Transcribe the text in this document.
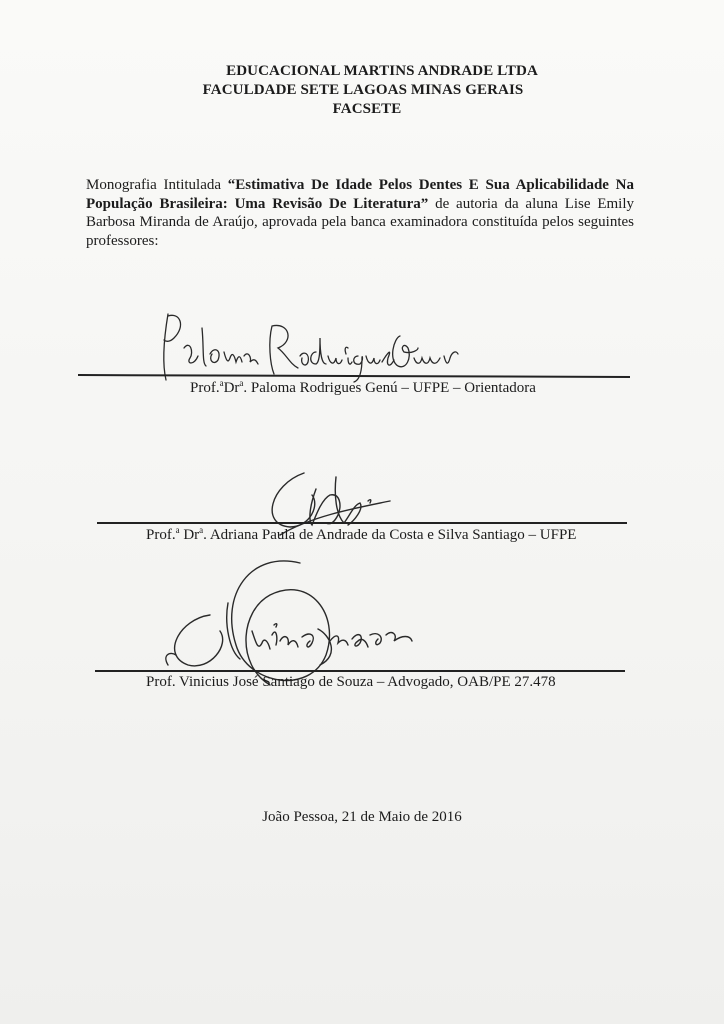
EDUCACIONAL MARTINS ANDRADE LTDA
FACULDADE SETE LAGOAS MINAS GERAIS
FACSETE
Monografia Intitulada “Estimativa De Idade Pelos Dentes E Sua Aplicabilidade Na População Brasileira: Uma Revisão De Literatura” de autoria da aluna Lise Emily Barbosa Miranda de Araújo, aprovada pela banca examinadora constituída pelos seguintes professores:
Prof.$^a$Dr$^a$. Paloma Rodrigues Genú – UFPE – Orientadora
Prof.$^a$ Dr$^a$. Adriana Paula de Andrade da Costa e Silva Santiago – UFPE
Prof. Vinicius José Santiago de Souza – Advogado, OAB/PE 27.478
João Pessoa, 21 de Maio de 2016
